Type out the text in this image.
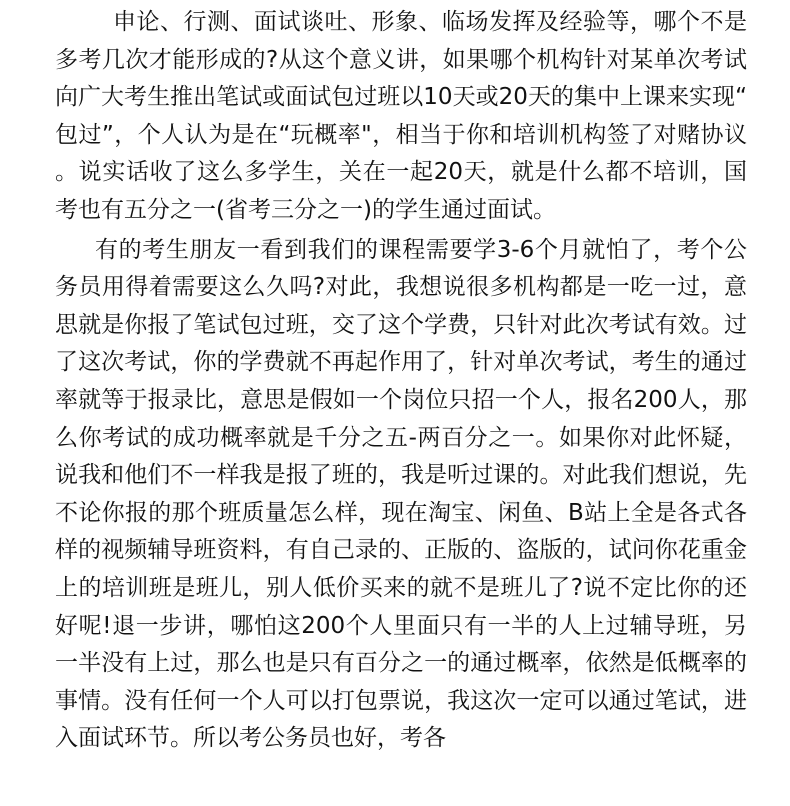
申论、行测、面试谈吐、形象、临场发挥及经验等，哪个不是多考几次才能形成的?从这个意义讲，如果哪个机构针对某单次考试向广大考生推出笔试或面试包过班以10天或20天的集中上课来实现“包过”，个人认为是在“玩概率"，相当于你和培训机构签了对赌协议。说实话收了这么多学生，关在一起20天，就是什么都不培训，国考也有五分之一(省考三分之一)的学生通过面试。

有的考生朋友一看到我们的课程需要学3-6个月就怕了，考个公务员用得着需要这么久吗?对此，我想说很多机构都是一吃一过，意思就是你报了笔试包过班，交了这个学费，只针对此次考试有效。过了这次考试，你的学费就不再起作用了，针对单次考试，考生的通过率就等于报录比，意思是假如一个岗位只招一个人，报名200人，那么你考试的成功概率就是千分之五-两百分之一。如果你对此怀疑，说我和他们不一样我是报了班的，我是听过课的。对此我们想说，先不论你报的那个班质量怎么样，现在淘宝、闲鱼、B站上全是各式各样的视频辅导班资料，有自己录的、正版的、盗版的，试问你花重金上的培训班是班儿，别人低价买来的就不是班儿了?说不定比你的还好呢!退一步讲，哪怕这200个人里面只有一半的人上过辅导班，另一半没有上过，那么也是只有百分之一的通过概率，依然是低概率的事情。没有任何一个人可以打包票说，我这次一定可以通过笔试，进入面试环节。所以考公务员也好，考各
